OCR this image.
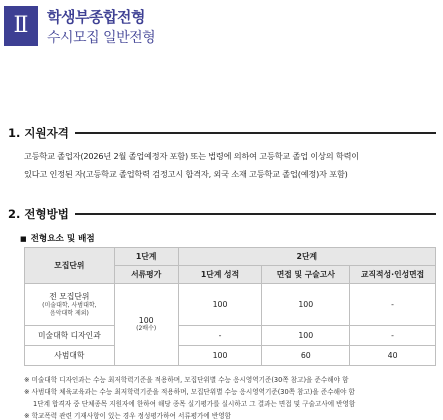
Ⅱ	학생부종합전형
수시모집 일반전형
1. 지원자격
고등학교 졸업자(2026년 2월 졸업예정자 포함) 또는 법령에 의하여 고등학교 졸업 이상의 학력이
있다고 인정된 자(고등학교 졸업학력 검정고시 합격자, 외국 소재 고등학교 졸업(예정)자 포함)
2. 전형방법
■ 전형요소 및 배점
모집단위	1단계	2단계		
	서류평가	1단계 성적	면접 및 구술고사	교직적성·인성면접
전 모집단위
(미술대학, 사범대학,
음악대학 제외)	100
(2배수)	100	100	-
미술대학 디자인과		-	100	-
사범대학		100	60	40
※ 미술대학 디자인과는 수능 최저학력기준을 적용하며, 모집단위별 수능 응시영역기준(30쪽 참고)을 준수해야 함
※ 사범대학 체육교육과는 수능 최저학력기준을 적용하며, 모집단위별 수능 응시영역기준(30쪽 참고)을 준수해야 함
1단계 합격자 중 단체종목 지원자에 한하여 해당 종목 실기평가를 실시하고 그 결과는 면접 및 구술고사에 반영함
※ 학교폭력 관련 기재사항이 있는 경우 정성평가하여 서류평가에 반영함
